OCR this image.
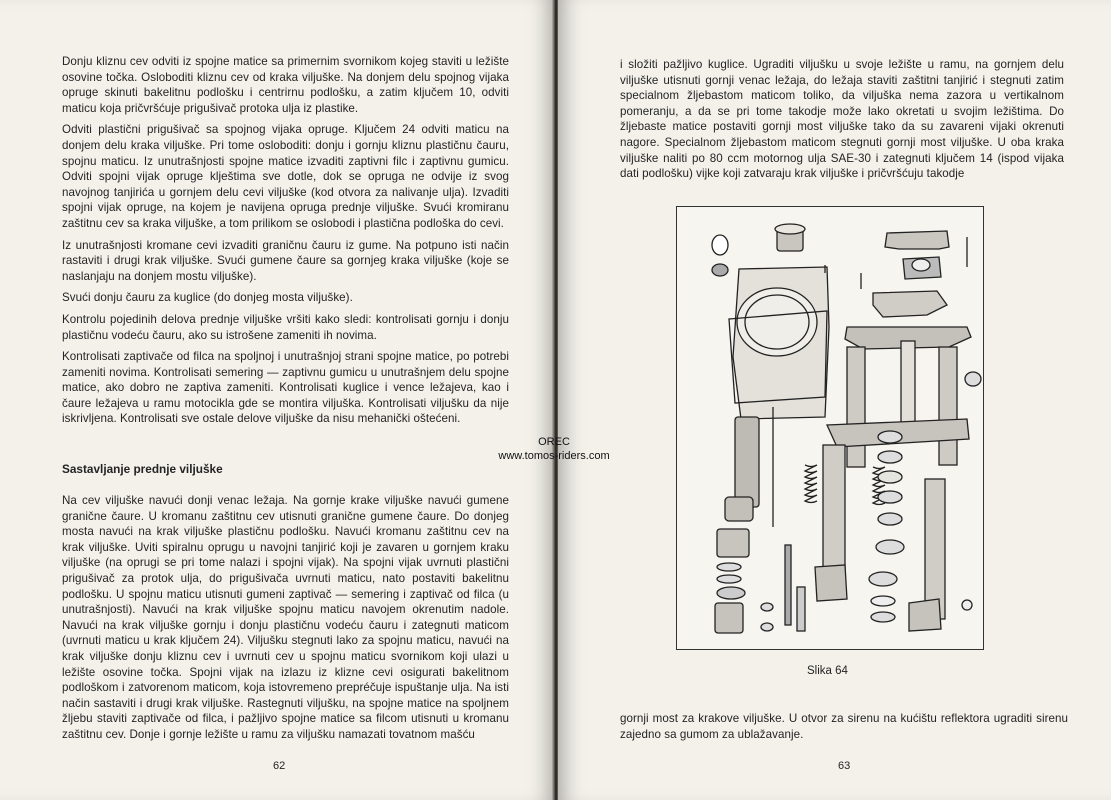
Donju kliznu cev odviti iz spojne matice sa primernim svornikom kojeg staviti u ležište osovine točka. Osloboditi kliznu cev od kraka viljuške. Na donjem delu spojnog vijaka opruge skinuti bakelitnu podlošku i centrirnu podlošku, a zatim ključem 10, odviti maticu koja pričvršćuje prigušivač protoka ulja iz plastike.

Odviti plastični prigušivač sa spojnog vijaka opruge. Ključem 24 odviti maticu na donjem delu kraka viljuške. Pri tome osloboditi: donju i gornju kliznu plastičnu čauru, spojnu maticu. Iz unutrašnjosti spojne matice izvaditi zaptivni filc i zaptivnu gumicu. Odviti spojni vijak opruge klještima sve dotle, dok se opruga ne odvije iz svog navojnog tanjirića u gornjem delu cevi viljuške (kod otvora za nalivanje ulja). Izvaditi spojni vijak opruge, na kojem je navijena opruga prednje viljuške. Svući kromiranu zaštitnu cev sa kraka viljuške, a tom prilikom se oslobodi i plastična podloška do cevi.

Iz unutrašnjosti kromane cevi izvaditi graničnu čauru iz gume. Na potpuno isti način rastaviti i drugi krak viljuške. Svući gumene čaure sa gornjeg kraka viljuške (koje se naslanjaju na donjem mostu viljuške).

Svući donju čauru za kuglice (do donjeg mosta viljuške).

Kontrolu pojedinih delova prednje viljuške vršiti kako sledi: kontrolisati gornju i donju plastičnu vodeću čauru, ako su istrošene zameniti ih novima.

Kontrolisati zaptivače od filca na spoljnoj i unutrašnjoj strani spojne matice, po potrebi zameniti novima. Kontrolisati semering — zaptivnu gumicu u unutrašnjem delu spojne matice, ako dobro ne zaptiva zameniti. Kontrolisati kuglice i vence ležajeva, kao i čaure ležajeva u ramu motocikla gde se montira viljuška. Kontrolisati viljušku da nije iskrivljena. Kontrolisati sve ostale delove viljuške da nisu mehanički oštećeni.

Sastavljanje prednje viljuške

Na cev viljuške navući donji venac ležaja. Na gornje krake viljuške navući gumene granične čaure. U kromanu zaštitnu cev utisnuti granične gumene čaure. Do donjeg mosta navući na krak viljuške plastičnu podlošku. Navući kromanu zaštitnu cev na krak viljuške. Uviti spiralnu oprugu u navojni tanjirić koji je zavaren u gornjem kraku viljuške (na oprugi se pri tome nalazi i spojni vijak). Na spojni vijak uvrnuti plastični prigušivač za protok ulja, do prigušivača uvrnuti maticu, nato postaviti bakelitnu podlošku. U spojnu maticu utisnuti gumeni zaptivač — semering i zaptivač od filca (u unutrašnjosti). Navući na krak viljuške spojnu maticu navojem okrenutim nadole. Navući na krak viljuške gornju i donju plastičnu vodeću čauru i zategnuti maticom (uvrnuti maticu u krak ključem 24). Viljušku stegnuti lako za spojnu maticu, navući na krak viljuške donju kliznu cev i uvrnuti cev u spojnu maticu svornikom koji ulazi u ležište osovine točka. Spojni vijak na izlazu iz klizne cevi osigurati bakelitnom podloškom i zatvorenom maticom, koja istovremeno prepréčuje ispuštanje ulja. Na isti način sastaviti i drugi krak viljuške. Rastegnuti viljušku, na spojne matice na spoljnem žljebu staviti zaptivače od filca, i pažljivo spojne matice sa filcom utisnuti u kromanu zaštitnu cev. Donje i gornje ležište u ramu za viljušku namazati tovatnom mašću

62	63

i složiti pažljivo kuglice. Ugraditi viljušku u svoje ležište u ramu, na gornjem delu viljuške utisnuti gornji venac ležaja, do ležaja staviti zaštitni tanjirić i stegnuti zatim specialnom žljebastom maticom toliko, da viljuška nema zazora u vertikalnom pomeranju, a da se pri tome takodje može lako okretati u svojim ležištima. Do žljebaste matice postaviti gornji most viljuške tako da su zavareni vijaki okrenuti nagore. Specialnom žljebastom maticom stegnuti gornji most viljuške. U oba kraka viljuške naliti po 80 ccm motornog ulja SAE-30 i zategnuti ključem 14 (ispod vijaka dati podlošku) vijke koji zatvaraju krak viljuške i pričvršćuju takodje

Slika 64

gornji most za krakove viljuške. U otvor za sirenu na kućištu reflektora ugraditi sirenu zajedno sa gumom za ublažavanje.

OREC
www.tomos-riders.com
